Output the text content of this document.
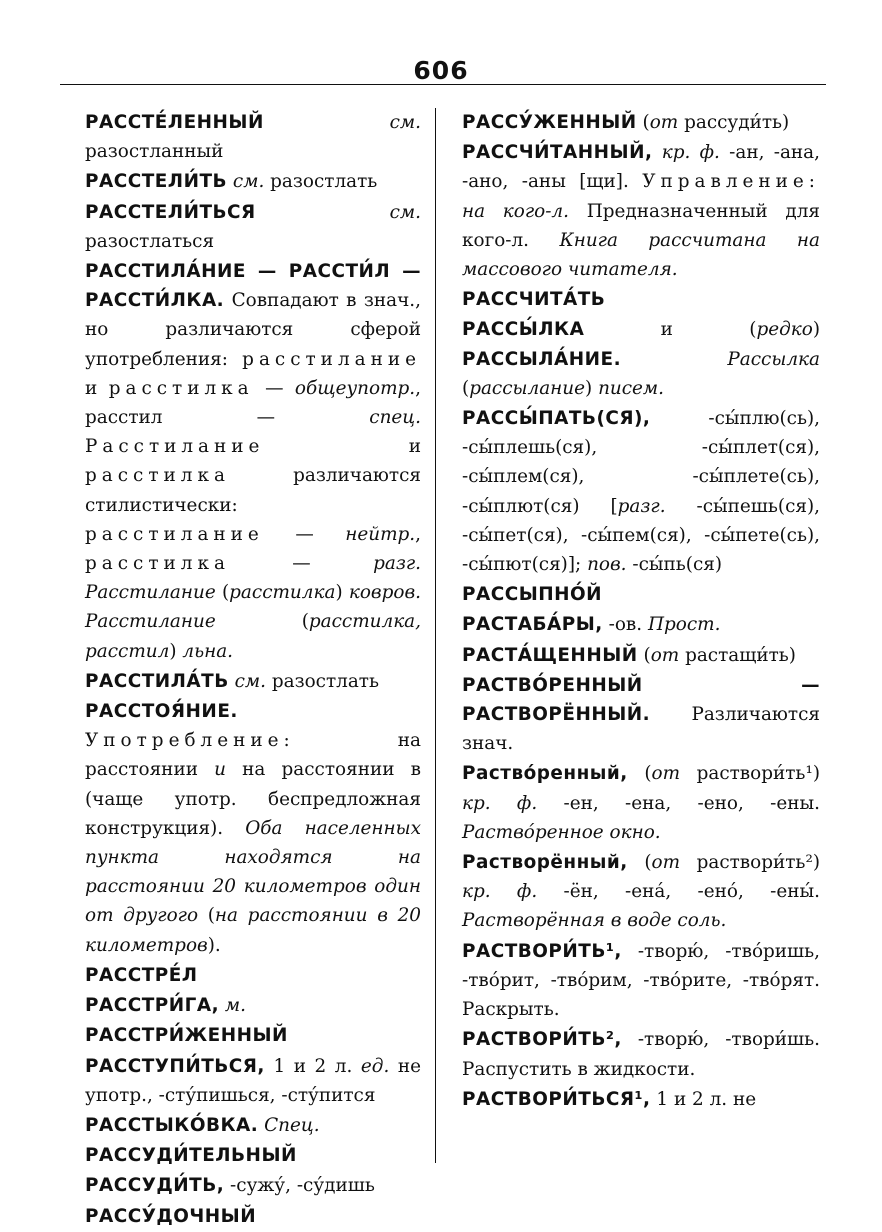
606

РАССТЕ́ЛЕННЫЙ	см. разостланный

РАССТЕЛИ́ТЬ см. разостлать

РАССТЕЛИ́ТЬСЯ	см. разостлаться

РАССТИЛА́НИЕ — РАССТИ́Л — РАССТИ́ЛКА. Совпадают в знач., но различаются сферой употребления: расстилание и расстилка — общеупотр., расстил — спец. Расстилание и расстилка различаются стилистически: расстилание — нейтр., расстилка — разг. Расстилание (расстилка) ковров. Расстилание (расстилка, расстил) льна.

РАССТИЛА́ТЬ см. разостлать

РАССТОЯ́НИЕ. Употребление: на расстоянии и на расстоянии в (чаще употр. беспредложная конструкция). Оба населенных пункта находятся на расстоянии 20 километров один от другого (на расстоянии в 20 километров).

РАССТРЕ́Л

РАССТРИ́ГА, м.

РАССТРИ́ЖЕННЫЙ

РАССТУПИ́ТЬСЯ, 1 и 2 л. ед. не употр., -сту́пишься, -сту́пится

РАССТЫКО́ВКА. Спец.

РАССУДИ́ТЕЛЬНЫЙ

РАССУДИ́ТЬ, -сужу́, -су́дишь

РАССУ́ДОЧНЫЙ

РАССУ́ЖЕННЫЙ (от рассуди́ть)

РАССЧИ́ТАННЫЙ, кр. ф. -ан, -ана, -ано, -аны [щи]. Управление: на кого-л. Предназначенный для кого-л. Книга рассчитана на массового читателя.

РАССЧИТА́ТЬ

РАССЫ́ЛКА и (редко) РАССЫЛА́НИЕ.	Рассылка (рассылание) писем.

РАССЫ́ПАТЬ(СЯ), -сы́плю(сь), -сы́плешь(ся), -сы́плет(ся), -сы́плем(ся), -сы́плете(сь), -сы́плют(ся) [разг. -сы́пешь(ся), -сы́пет(ся), -сы́пем(ся), -сы́пете(сь), -сы́пют(ся)]; пов. -сы́пь(ся)

РАССЫПНО́Й

РАСТАБА́РЫ, -ов. Прост.

РАСТА́ЩЕННЫЙ (от растащи́ть)

РАСТВО́РЕННЫЙ — РАСТВОРЁННЫЙ. Различаются знач.

Раство́ренный, (от раствори́ть¹) кр. ф. -ен, -ена, -ено, -ены. Раство́ренное окно.

Растворённый, (от раствори́ть²) кр. ф. -ён, -ена́, -ено́, -ены́. Растворённая в воде соль.

РАСТВОРИ́ТЬ¹, -творю́, -тво́ришь, -тво́рит, -тво́рим, -тво́рите, -тво́рят. Раскрыть.

РАСТВОРИ́ТЬ², -творю́, -твори́шь. Распустить в жидкости.

РАСТВОРИ́ТЬСЯ¹, 1 и 2 л. не
